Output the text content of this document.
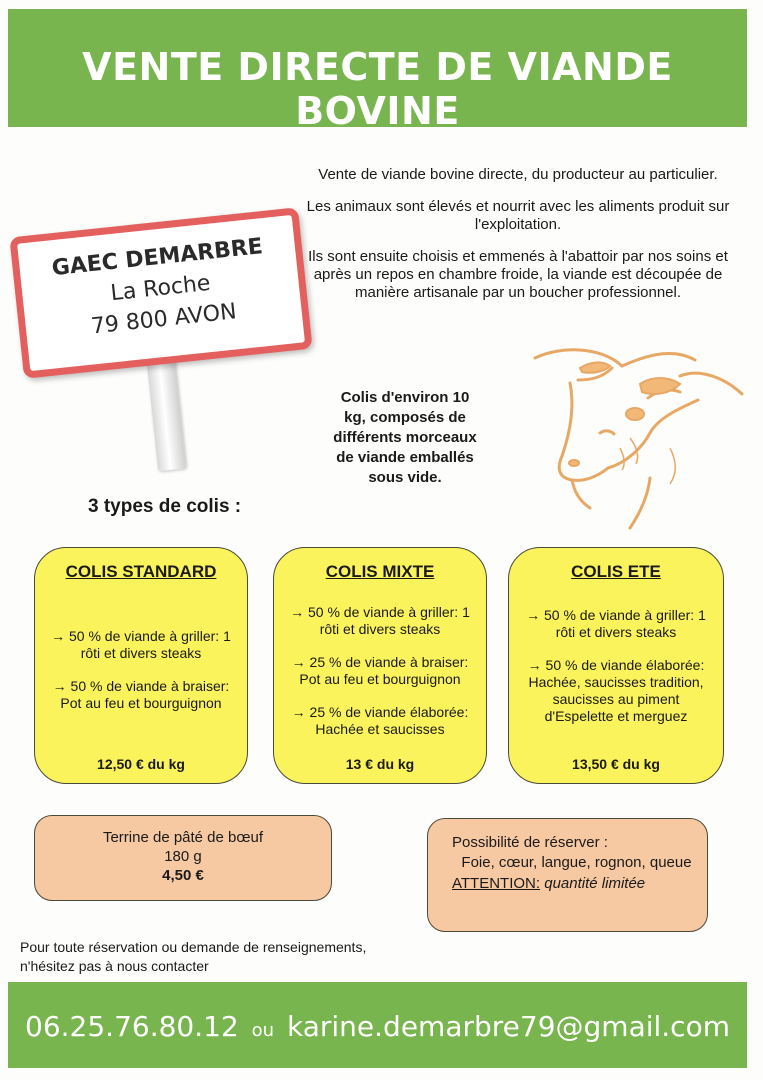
VENTE DIRECTE DE VIANDE BOVINE

Vente de viande bovine directe, du producteur au particulier.

Les animaux sont élevés et nourrit avec les aliments produit sur l'exploitation.

Ils sont ensuite choisis et emmenés à l'abattoir par nos soins et après un repos en chambre froide, la viande est découpée de manière artisanale par un boucher professionnel.

GAEC DEMARBRE
La Roche
79 800 AVON
Colis d'environ 10 kg, composés de différents morceaux de viande emballés sous vide.
3 types de colis :
COLIS STANDARD
→ 50 % de viande à griller: 1 rôti et divers steaks
→ 50 % de viande à braiser: Pot au feu et bourguignon
12,50 € du kg
COLIS MIXTE
→ 50 % de viande à griller: 1 rôti et divers steaks
→ 25 % de viande à braiser: Pot au feu et bourguignon
→ 25 % de viande élaborée: Hachée et saucisses
13 € du kg
COLIS ETE
→ 50 % de viande à griller: 1 rôti et divers steaks
→ 50 % de viande élaborée: Hachée, saucisses tradition, saucisses au piment d'Espelette et merguez
13,50 € du kg
Terrine de pâté de bœuf
180 g
4,50 €
Possibilité de réserver :
Foie, cœur, langue, rognon, queue
ATTENTION: quantité limitée
Pour toute réservation ou demande de renseignements, n'hésitez pas à nous contacter
06.25.76.80.12 ou karine.demarbre79@gmail.com
